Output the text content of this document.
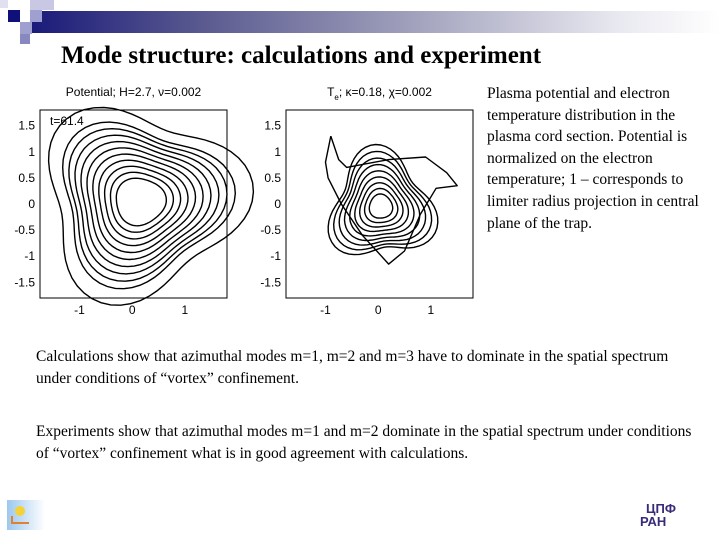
Mode structure: calculations and experiment
-1	0	1
1.5
1
0.5
0
-0.5
-1
-1.5
Potential; H=2.7, ν=0.002
t=61.4
-1	0	1
1.5
1
0.5
0
-0.5
-1
-1.5
$T_e$; κ=0.18, χ=0.002	Plasma potential and electron temperature distribution in the plasma cord section. Potential is normalized on the electron temperature; 1 – corresponds to limiter radius projection in central plane of the trap.
Calculations show that azimuthal modes m=1, m=2 and m=3 have to dominate in the spatial spectrum under conditions of “vortex” confinement.
Experiments show that azimuthal modes m=1 and m=2 dominate in the spatial spectrum under conditions of “vortex” confinement what is in good agreement with calculations.
ЦПФ
РАН
